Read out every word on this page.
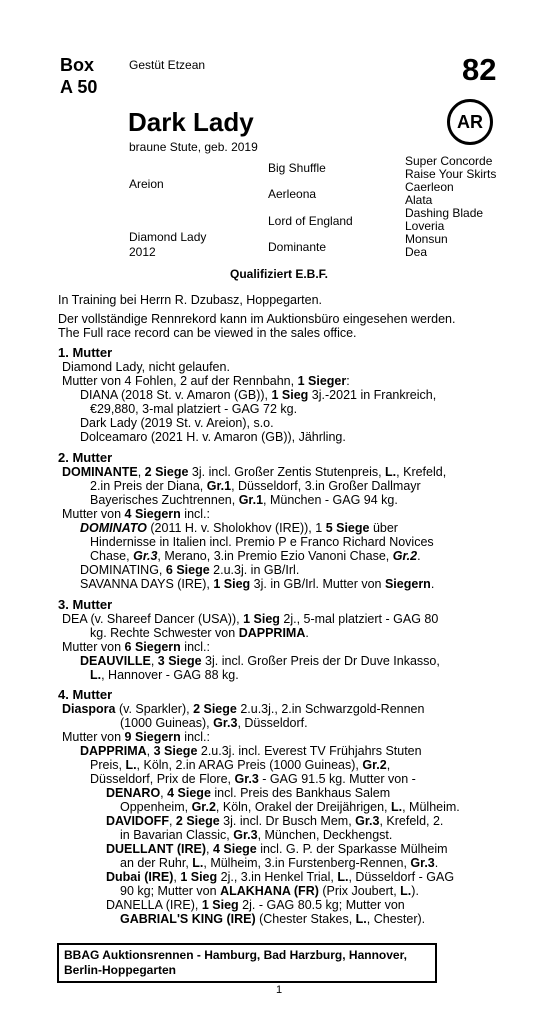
Box
A 50
Gestüt Etzean	82
Dark Lady
braune Stute, geb. 2019
AR
Areion
Diamond Lady
2012
Big Shuffle
Aerleona
Lord of England
Dominante
Super Concorde
Raise Your Skirts
Caerleon
Alata
Dashing Blade
Loveria
Monsun
Dea
Qualifiziert E.B.F.
In Training bei Herrn R. Dzubasz, Hoppegarten.
Der vollständige Rennrekord kann im Auktionsbüro eingesehen werden.
The Full race record can be viewed in the sales office.
1. Mutter
Diamond Lady, nicht gelaufen.
Mutter von 4 Fohlen, 2 auf der Rennbahn, 1 Sieger:
DIANA (2018 St. v. Amaron (GB)), 1 Sieg 3j.-2021 in Frankreich,
€29,880, 3-mal platziert - GAG 72 kg.
Dark Lady (2019 St. v. Areion), s.o.
Dolceamaro (2021 H. v. Amaron (GB)), Jährling.
2. Mutter
DOMINANTE, 2 Siege 3j. incl. Großer Zentis Stutenpreis, L., Krefeld,
2.in Preis der Diana, Gr.1, Düsseldorf, 3.in Großer Dallmayr
Bayerisches Zuchtrennen, Gr.1, München - GAG 94 kg.
Mutter von 4 Siegern incl.:
DOMINATO (2011 H. v. Sholokhov (IRE)), 1 5 Siege über
Hindernisse in Italien incl. Premio P e Franco Richard Novices
Chase, Gr.3, Merano, 3.in Premio Ezio Vanoni Chase, Gr.2.
DOMINATING, 6 Siege 2.u.3j. in GB/Irl.
SAVANNA DAYS (IRE), 1 Sieg 3j. in GB/Irl. Mutter von Siegern.
3. Mutter
DEA (v. Shareef Dancer (USA)), 1 Sieg 2j., 5-mal platziert - GAG 80
kg. Rechte Schwester von DAPPRIMA.
Mutter von 6 Siegern incl.:
DEAUVILLE, 3 Siege 3j. incl. Großer Preis der Dr Duve Inkasso,
L., Hannover - GAG 88 kg.
4. Mutter
Diaspora (v. Sparkler), 2 Siege 2.u.3j., 2.in Schwarzgold-Rennen
(1000 Guineas), Gr.3, Düsseldorf.
Mutter von 9 Siegern incl.:
DAPPRIMA, 3 Siege 2.u.3j. incl. Everest TV Frühjahrs Stuten
Preis, L., Köln, 2.in ARAG Preis (1000 Guineas), Gr.2,
Düsseldorf, Prix de Flore, Gr.3 - GAG 91.5 kg. Mutter von -
DENARO, 4 Siege incl. Preis des Bankhaus Salem
Oppenheim, Gr.2, Köln, Orakel der Dreijährigen, L., Mülheim.
DAVIDOFF, 2 Siege 3j. incl. Dr Busch Mem, Gr.3, Krefeld, 2.
in Bavarian Classic, Gr.3, München, Deckhengst.
DUELLANT (IRE), 4 Siege incl. G. P. der Sparkasse Mülheim
an der Ruhr, L., Mülheim, 3.in Furstenberg-Rennen, Gr.3.
Dubai (IRE), 1 Sieg 2j., 3.in Henkel Trial, L., Düsseldorf - GAG
90 kg; Mutter von ALAKHANA (FR) (Prix Joubert, L.).
DANELLA (IRE), 1 Sieg 2j. - GAG 80.5 kg; Mutter von
GABRIAL'S KING (IRE) (Chester Stakes, L., Chester).
BBAG Auktionsrennen - Hamburg, Bad Harzburg, Hannover,
Berlin-Hoppegarten
1
